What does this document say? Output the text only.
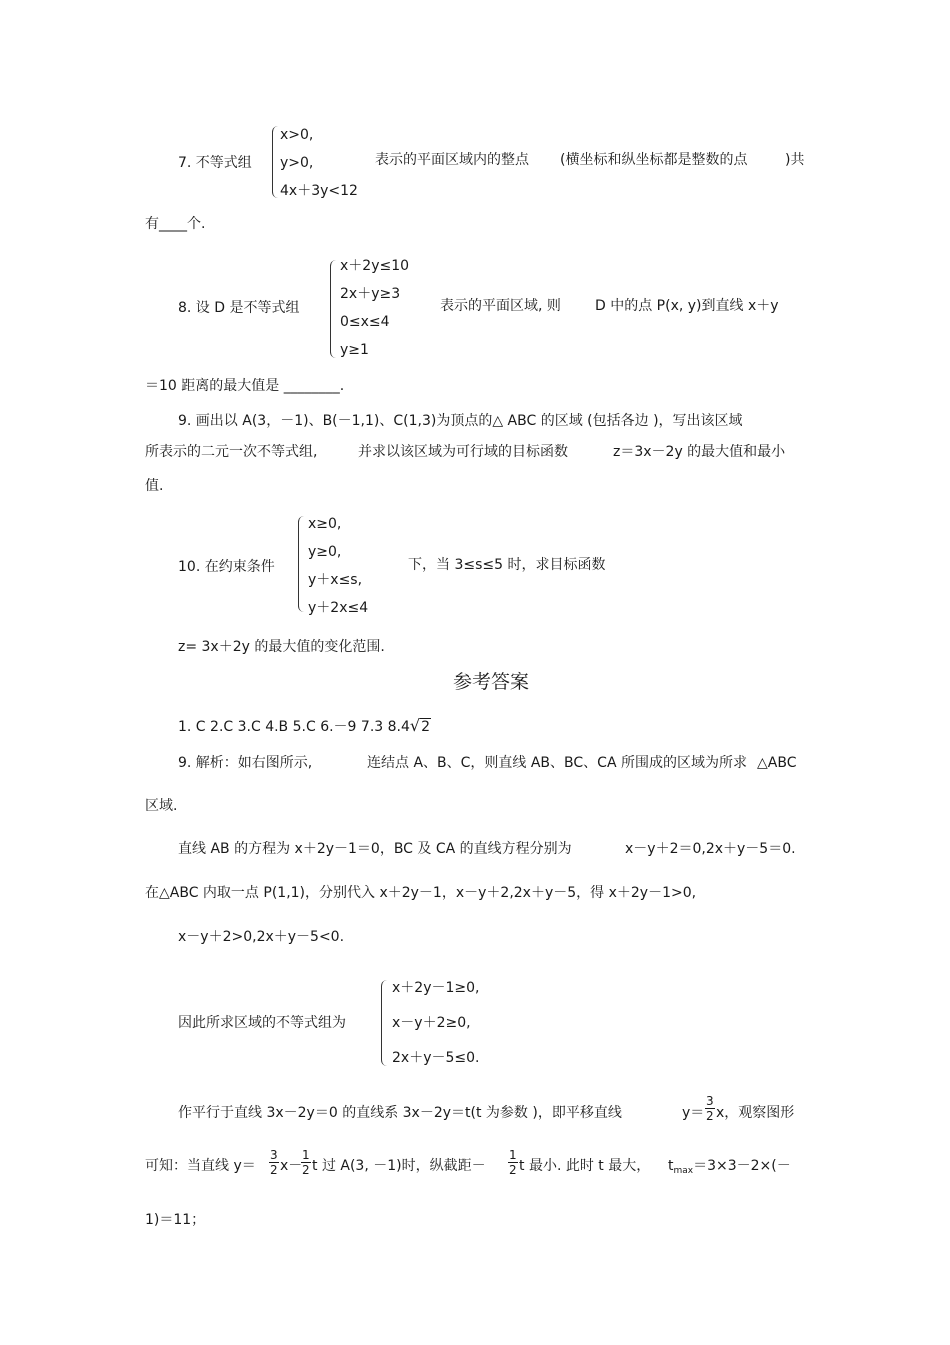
x>0,
y>0,
4x＋3y<12
7. 不等式组	表示的平面区域内的整点 (横坐标和纵坐标都是整数的点	)共
有____个.
x＋2y≤10
2x＋y≥3
0≤x≤4
y≥1
8. 设 D 是不等式组	表示的平面区域, 则 D 中的点 P(x, y)到直线 x＋y
＝10 距离的最大值是 ________.
9. 画出以 A(3，－1)、B(－1,1)、C(1,3)为顶点的△ ABC 的区域 (包括各边 )，写出该区域
所表示的二元一次不等式组,	并求以该区域为可行域的目标函数	z＝3x－2y 的最大值和最小
值.
x≥0,
y≥0,
y＋x≤s,
y＋2x≤4
10. 在约束条件	下，当 3≤s≤5 时，求目标函数
z= 3x＋2y 的最大值的变化范围.
参考答案
1. C 2.C 3.C 4.B 5.C 6.－9 7.3 8.4√2
9. 解析：如右图所示,	连结点 A、B、C，则直线 AB、BC、CA 所围成的区域为所求 △ABC
区域.
直线 AB 的方程为 x＋2y－1＝0，BC 及 CA 的直线方程分别为	x－y＋2＝0,2x＋y－5＝0.
在△ABC 内取一点 P(1,1)，分别代入 x＋2y－1，x－y＋2,2x＋y－5，得 x＋2y－1>0,
x－y＋2>0,2x＋y－5<0.
x＋2y－1≥0,
x－y＋2≥0,
2x＋y－5≤0.
因此所求区域的不等式组为
作平行于直线 3x－2y＝0 的直线系 3x－2y＝t(t 为参数 )，即平移直线	$y= \frac{3}{2}$ x，观察图形
可知：当直线 $y= \frac{3}{2} x-$
$\frac{1}{2}$ t 过 A(3, －1)时，纵截距－ $\frac{1}{2}$ t 最小. 此时 t 最大， $t_{max}=3\times 3-2\times(-$
1)＝11；
